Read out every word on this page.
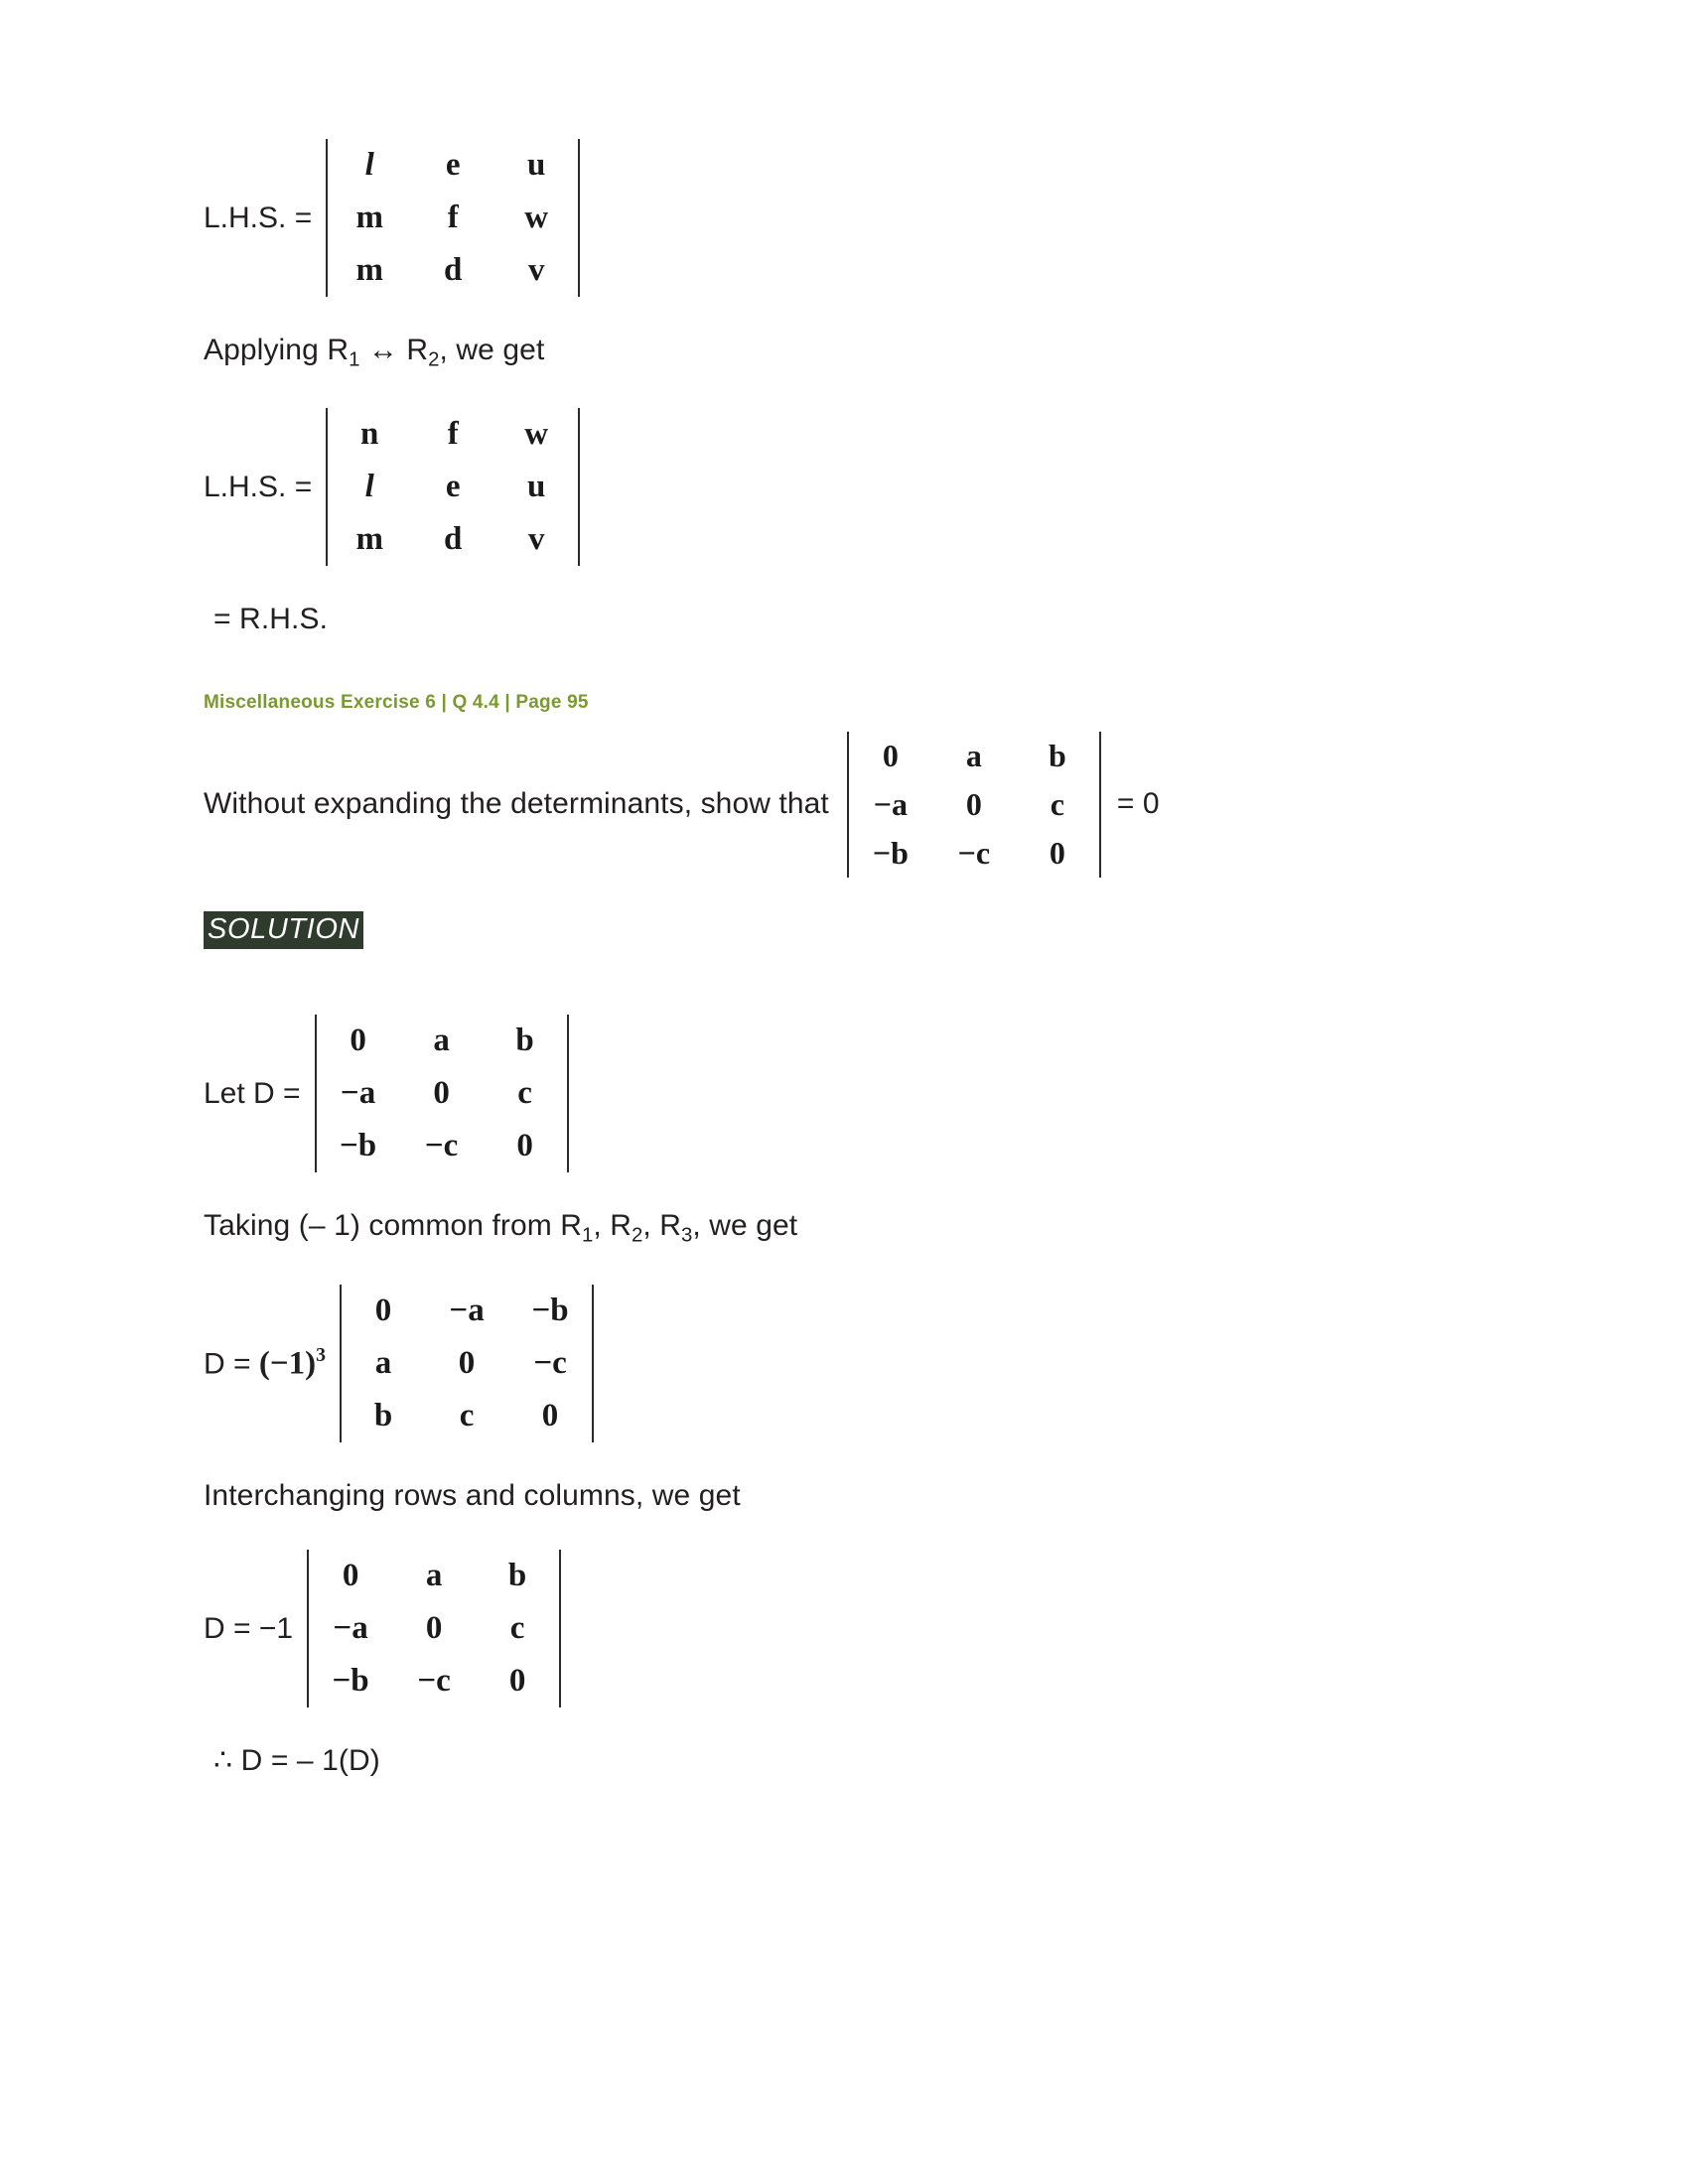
L.H.S. =
l	e	u
m	f	w
m	d	v
Applying $R_1$ ↔ $R_2$, we get
L.H.S. =
n	f	w
l	e	u
m	d	v
= R.H.S.
Miscellaneous Exercise 6 | Q 4.4 | Page 95
Without expanding the determinants, show that
0	a	b
−a	0	c
−b	−c	0
= 0
SOLUTION
Let D =
0	a	b
−a	0	c
−b	−c	0
Taking (– 1) common from $R_1$, $R_2$, $R_3$, we get
$D = (-1)^3$
0	−a	−b
a	0	−c
b	c	0
Interchanging rows and columns, we get
D = −1
0	a	b
−a	0	c
−b	−c	0
∴ D = – 1(D)
